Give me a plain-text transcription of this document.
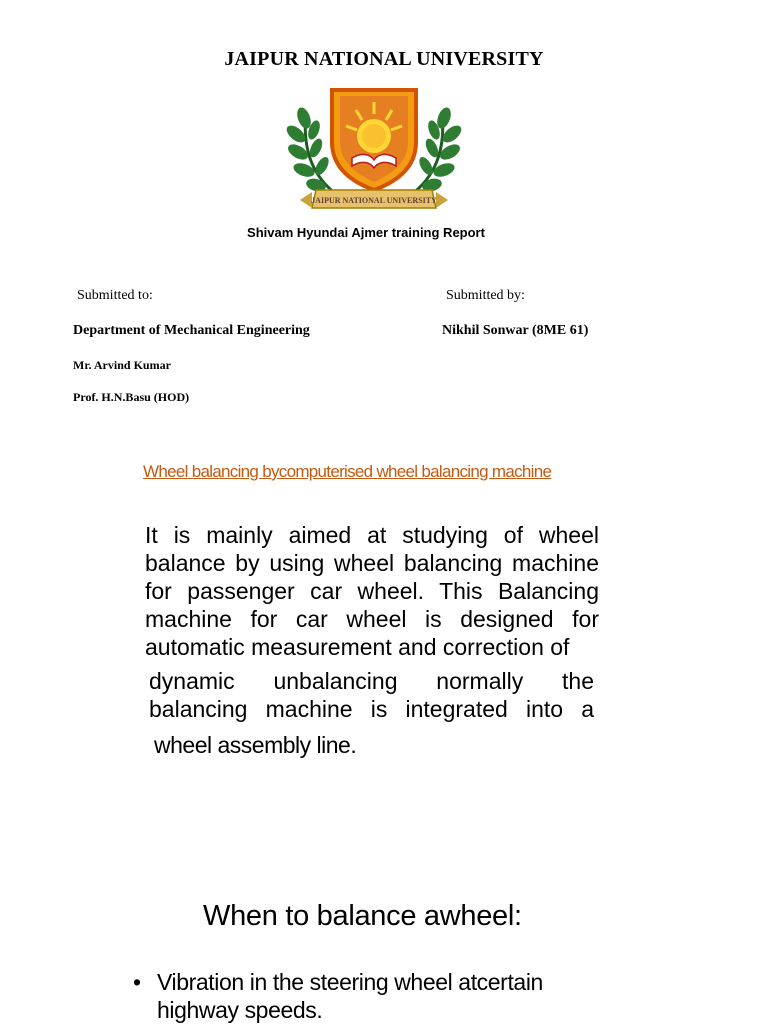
JAIPUR NATIONAL UNIVERSITY
JAIPUR NATIONAL UNIVERSITY
Shivam Hyundai Ajmer training Report
Submitted to:	Submitted by:
Department of Mechanical Engineering	Nikhil Sonwar (8ME 61)
Mr. Arvind Kumar
Prof. H.N.Basu (HOD)
Wheel balancing bycomputerised wheel balancing machine
It is mainly aimed at studying of wheel
balance by using wheel balancing machine
for passenger car wheel. This Balancing
machine for car wheel is designed for
automatic measurement and correction of
dynamic unbalancing normally the
balancing machine is integrated into a
wheel assembly line.
When to balance awheel:
• Vibration in the steering wheel atcertain highway speeds.
